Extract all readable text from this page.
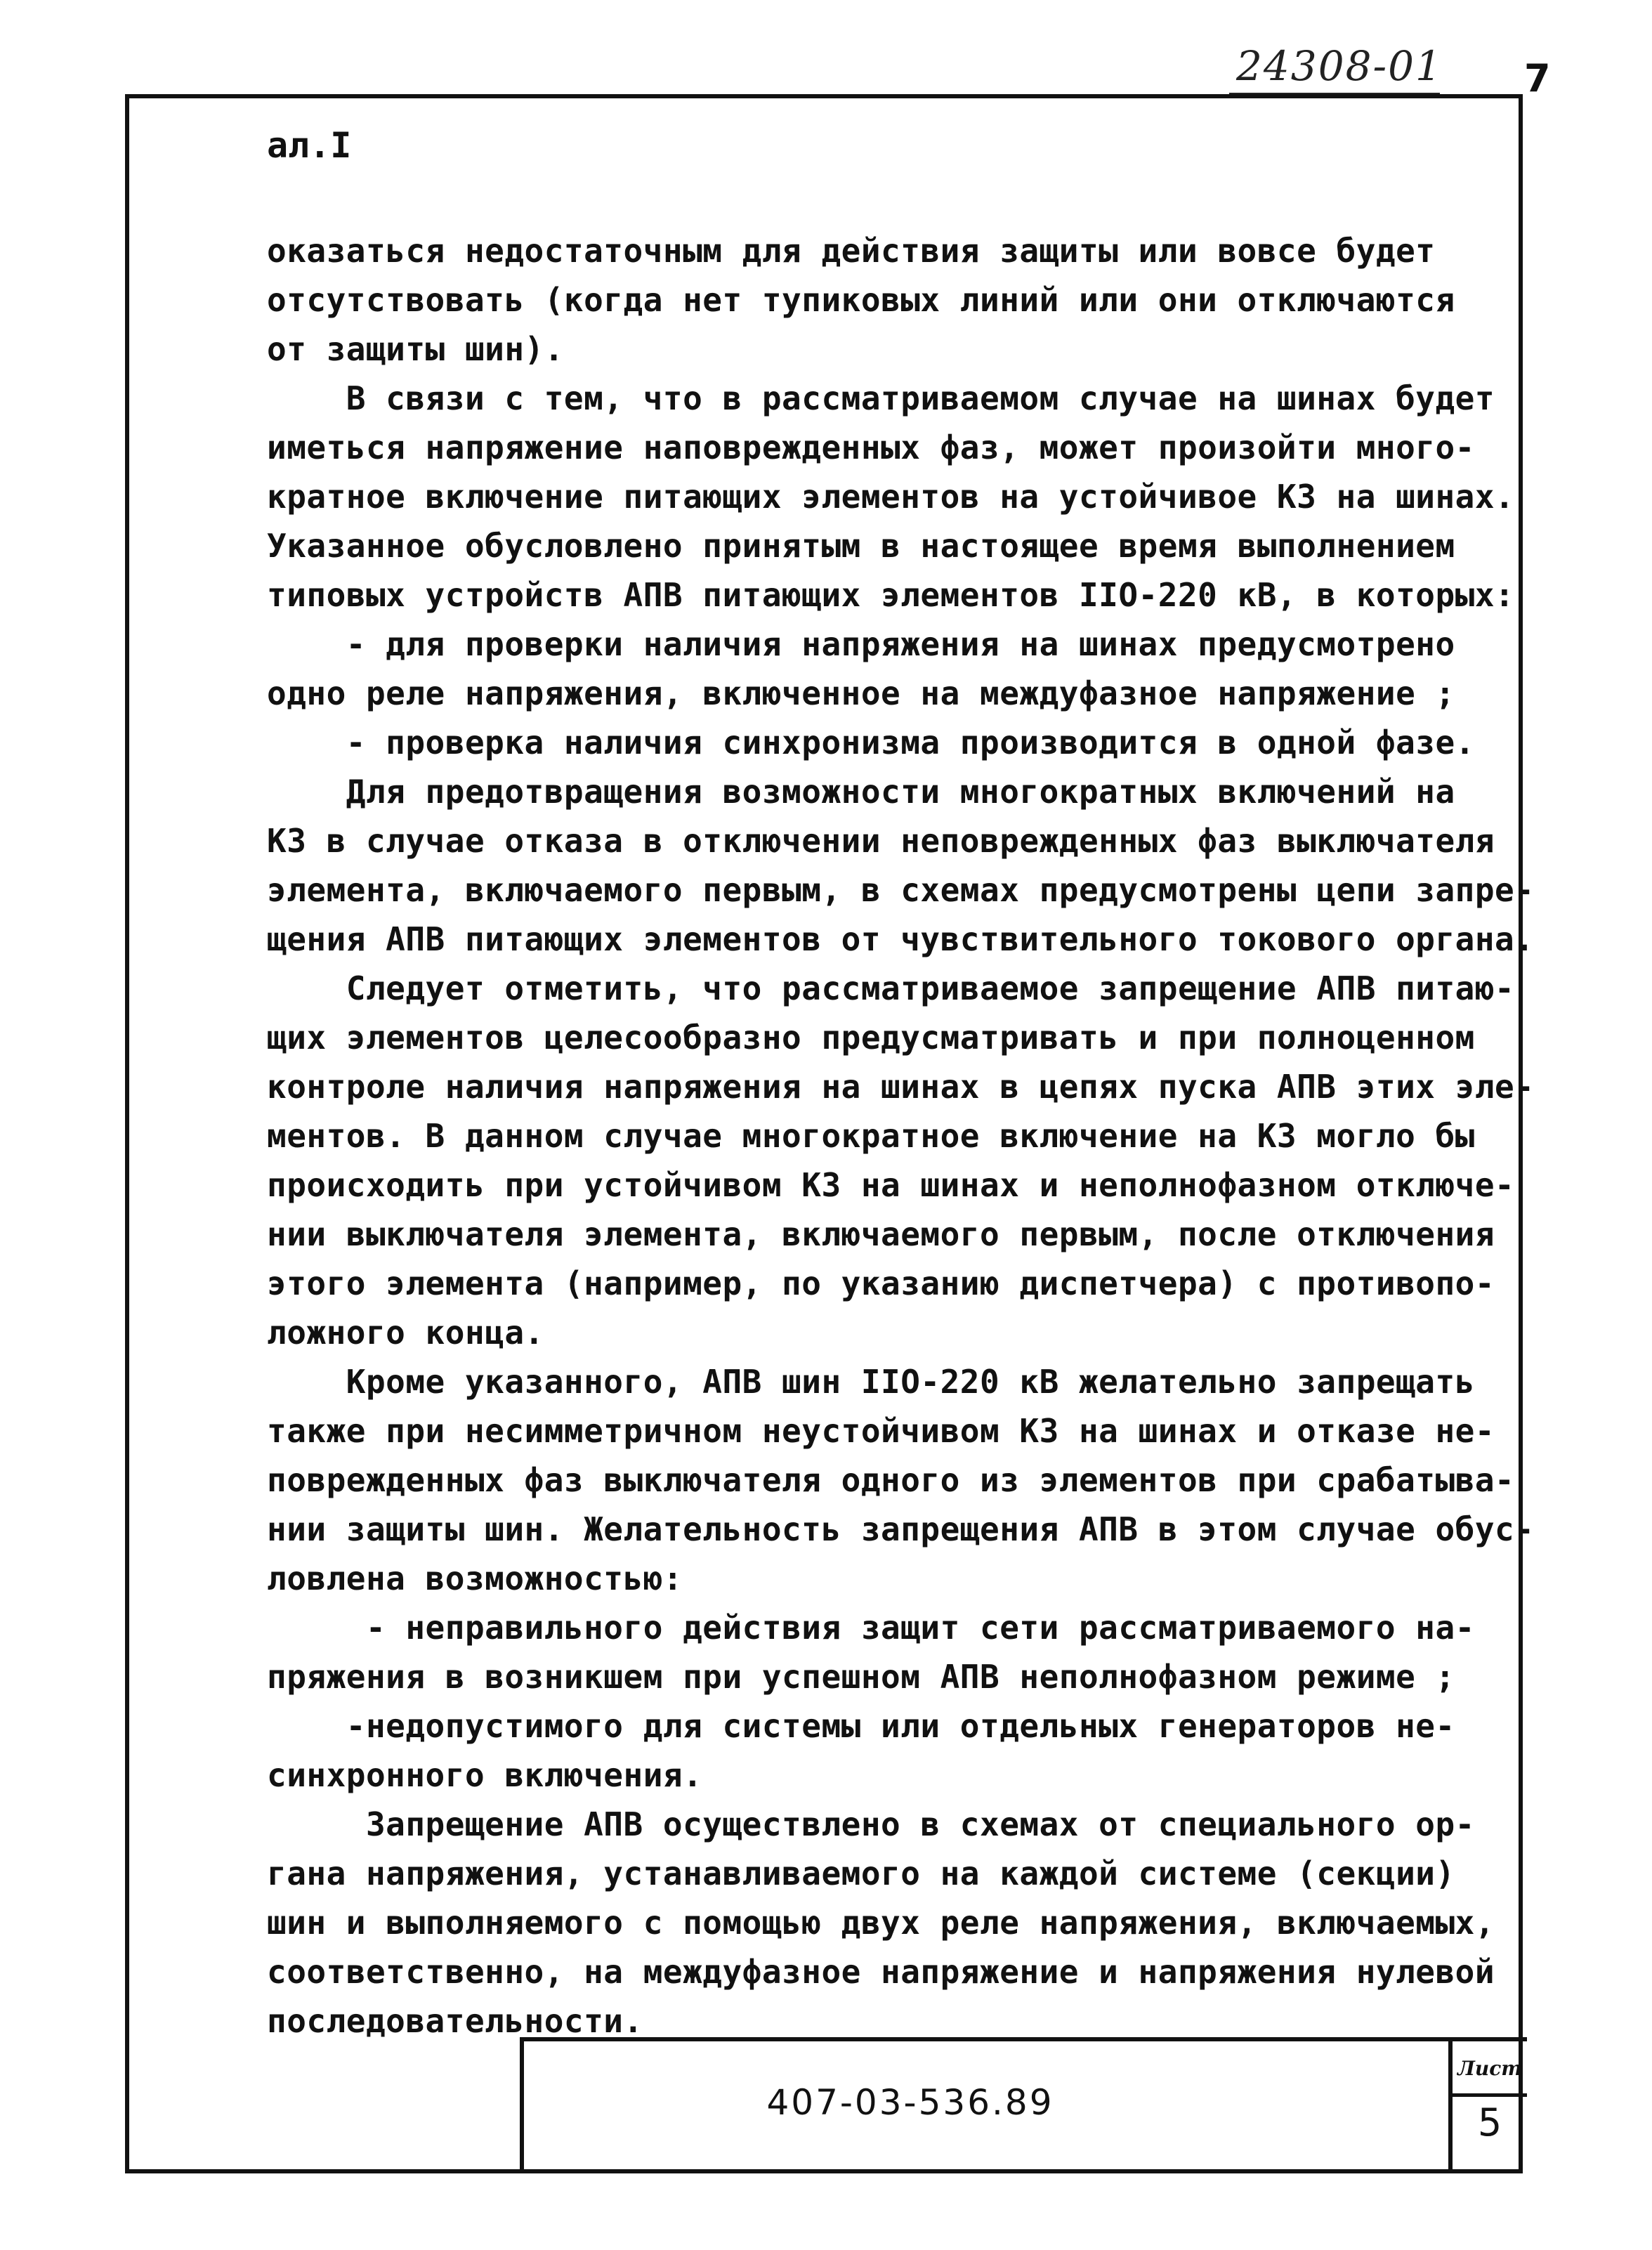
24308-01 7
ал.I
оказаться недостаточным для действия защиты или вовсе будет
отсутствовать (когда нет тупиковых линий или они отключаются
от защиты шин).
В связи с тем, что в рассматриваемом случае на шинах будет
иметься напряжение наповрежденных фаз, может произойти много-
кратное включение питающих элементов на устойчивое КЗ на шинах.
Указанное обусловлено принятым в настоящее время выполнением
типовых устройств АПВ питающих элементов IIO-220 кВ, в которых:
- для проверки наличия напряжения на шинах предусмотрено
одно реле напряжения, включенное на междуфазное напряжение ;
- проверка наличия синхронизма производится в одной фазе.
Для предотвращения возможности многократных включений на
КЗ в случае отказа в отключении неповрежденных фаз выключателя
элемента, включаемого первым, в схемах предусмотрены цепи запре-
щения АПВ питающих элементов от чувствительного токового органа.
Следует отметить, что рассматриваемое запрещение АПВ питаю-
щих элементов целесообразно предусматривать и при полноценном
контроле наличия напряжения на шинах в цепях пуска АПВ этих эле-
ментов. В данном случае многократное включение на КЗ могло бы
происходить при устойчивом КЗ на шинах и неполнофазном отключе-
нии выключателя элемента, включаемого первым, после отключения
этого элемента (например, по указанию диспетчера) с противопо-
ложного конца.
Кроме указанного, АПВ шин IIO-220 кВ желательно запрещать
также при несимметричном неустойчивом КЗ на шинах и отказе не-
поврежденных фаз выключателя одного из элементов при срабатыва-
нии защиты шин. Желательность запрещения АПВ в этом случае обус-
ловлена возможностью:
- неправильного действия защит сети рассматриваемого на-
пряжения в возникшем при успешном АПВ неполнофазном режиме ;
-недопустимого для системы или отдельных генераторов не-
синхронного включения.
Запрещение АПВ осуществлено в схемах от специального ор-
гана напряжения, устанавливаемого на каждой системе (секции)
шин и выполняемого с помощью двух реле напряжения, включаемых,
соответственно, на междуфазное напряжение и напряжения нулевой
последовательности.
407-03-536.89
Лист
5
